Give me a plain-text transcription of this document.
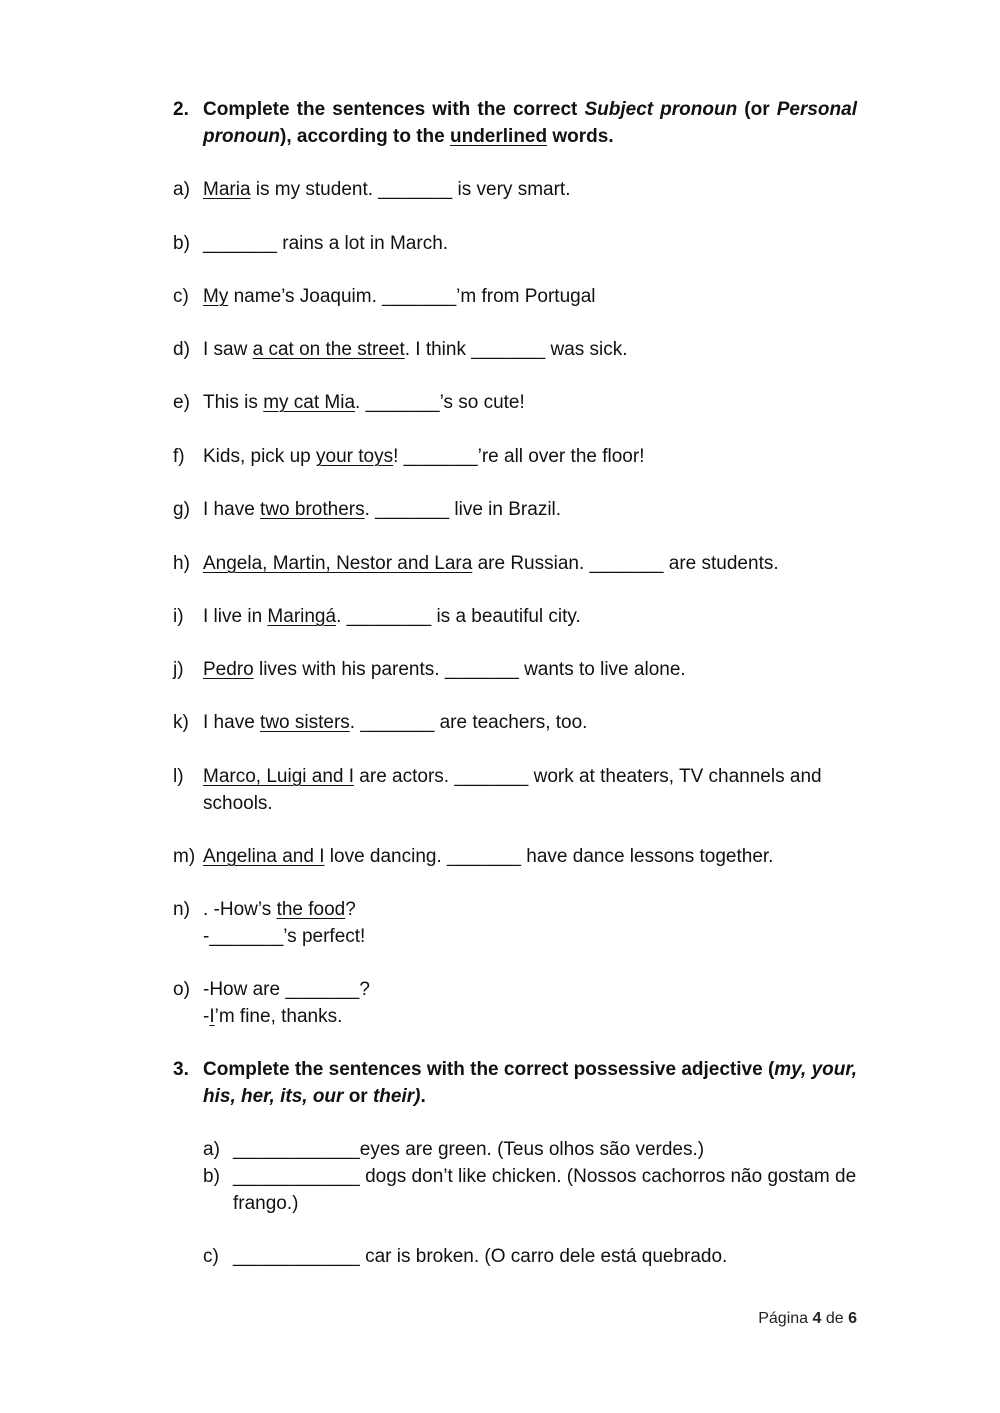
2. Complete the sentences with the correct Subject pronoun (or Personal pronoun), according to the underlined words.
a) Maria is my student. _______ is very smart.
b) _______ rains a lot in March.
c) My name’s Joaquim. _______’m from Portugal
d) I saw a cat on the street. I think _______ was sick.
e) This is my cat Mia. _______’s so cute!
f) Kids, pick up your toys! _______’re all over the floor!
g) I have two brothers. _______ live in Brazil.
h) Angela, Martin, Nestor and Lara are Russian. _______ are students.
i) I live in Maringá. ________ is a beautiful city.
j) Pedro lives with his parents. _______ wants to live alone.
k) I have two sisters. _______ are teachers, too.
l) Marco, Luigi and I are actors. _______ work at theaters, TV channels and schools.
m) Angelina and I love dancing. _______ have dance lessons together.
n) . -How’s the food?
-_______’s perfect!
o) -How are _______?
-I’m fine, thanks.
3. Complete the sentences with the correct possessive adjective (my, your, his, her, its, our or their).
a) ____________eyes are green. (Teus olhos são verdes.)
b) ____________ dogs don’t like chicken. (Nossos cachorros não gostam de frango.)
c) ____________ car is broken. (O carro dele está quebrado.
Página 4 de 6
